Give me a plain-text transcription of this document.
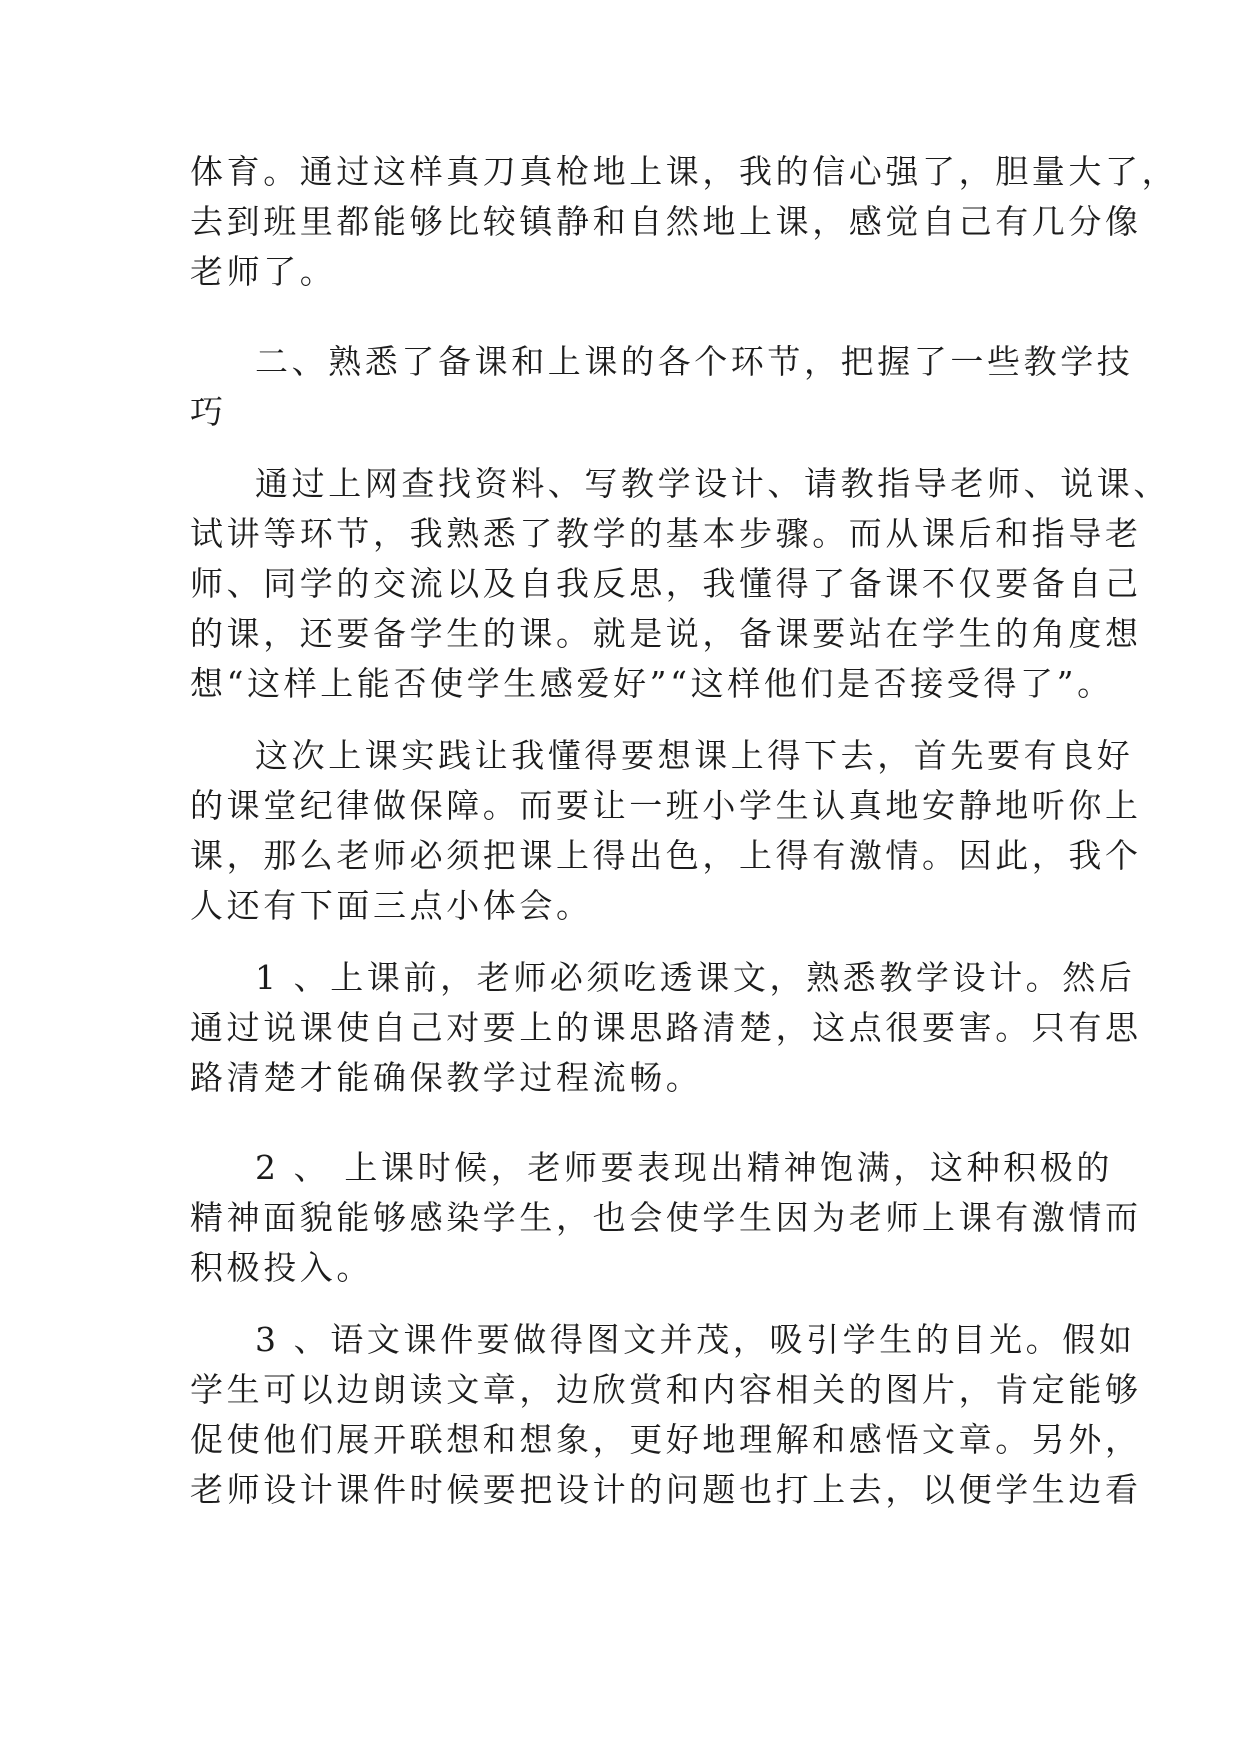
体育。通过这样真刀真枪地上课，我的信心强了，胆量大了，
去到班里都能够比较镇静和自然地上课，感觉自己有几分像
老师了。
二、熟悉了备课和上课的各个环节，把握了一些教学技
巧
通过上网查找资料、写教学设计、请教指导老师、说课、
试讲等环节，我熟悉了教学的基本步骤。而从课后和指导老
师、同学的交流以及自我反思，我懂得了备课不仅要备自己
的课，还要备学生的课。就是说，备课要站在学生的角度想
想“这样上能否使学生感爱好”“这样他们是否接受得了”。
这次上课实践让我懂得要想课上得下去，首先要有良好
的课堂纪律做保障。而要让一班小学生认真地安静地听你上
课，那么老师必须把课上得出色，上得有激情。因此，我个
人还有下面三点小体会。
1 、上课前，老师必须吃透课文，熟悉教学设计。然后
通过说课使自己对要上的课思路清楚，这点很要害。只有思
路清楚才能确保教学过程流畅。
2 、 上课时候，老师要表现出精神饱满，这种积极的
精神面貌能够感染学生，也会使学生因为老师上课有激情而
积极投入。
3 、语文课件要做得图文并茂，吸引学生的目光。假如
学生可以边朗读文章，边欣赏和内容相关的图片，肯定能够
促使他们展开联想和想象，更好地理解和感悟文章。另外，
老师设计课件时候要把设计的问题也打上去，以便学生边看
